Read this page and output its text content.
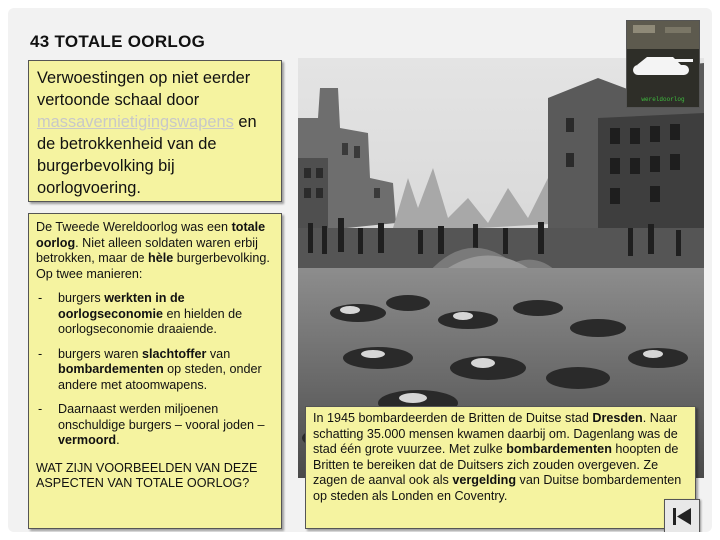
wereldoorlog
43 TOTALE OORLOG
Verwoestingen op niet eerder vertoonde schaal door massavernietigingswapens en de betrokkenheid van de burgerbevolking bij oorlogvoering.

De Tweede Wereldoorlog was een totale oorlog. Niet alleen soldaten waren erbij betrokken, maar de hèle burgerbevolking. Op twee manieren:

-	burgers werkten in de oorlogseconomie en hielden de oorlogseconomie draaiende.
-	burgers waren slachtoffer van bombardementen op steden, onder andere met atoomwapens.
-	Daarnaast werden miljoenen onschuldige burgers – vooral joden – vermoord.

WAT ZIJN VOORBEELDEN VAN DEZE ASPECTEN VAN TOTALE OORLOG?

In 1945 bombardeerden de Britten de Duitse stad Dresden. Naar schatting 35.000 mensen kwamen daarbij om. Dagenlang was de stad één grote vuurzee. Met zulke bombardementen hoopten de Britten te bereiken dat de Duitsers zich zouden overgeven. Ze zagen de aanval ook als vergelding van Duitse bombardementen op steden als Londen en Coventry.
